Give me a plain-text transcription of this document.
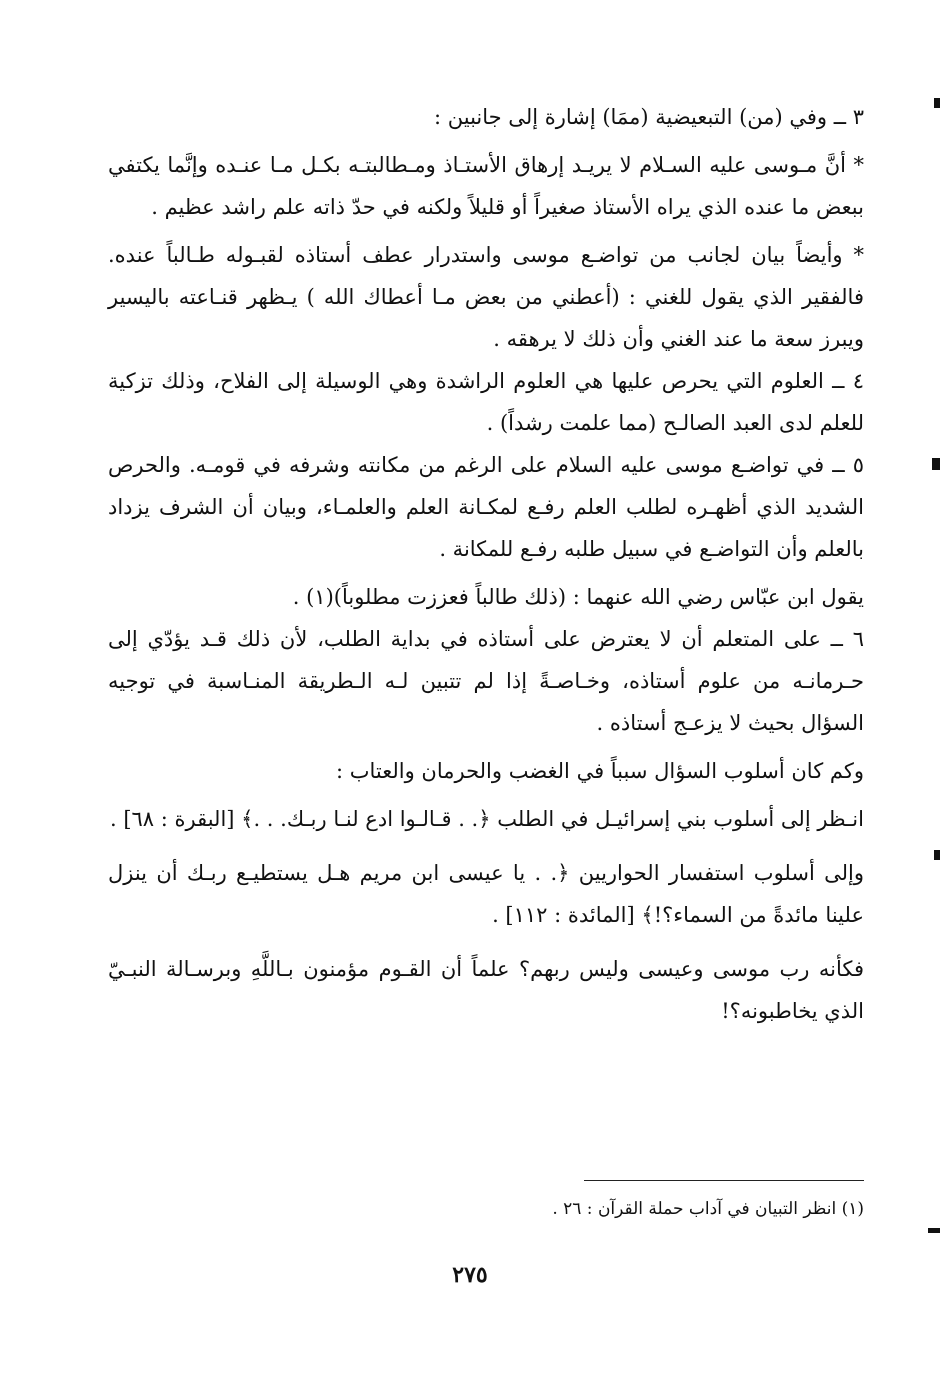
٣ ــ وفي (من) التبعيضية (ممَا) إشارة إلى جانبين :

* أنَّ مـوسى عليه السـلام لا يريـد إرهاق الأستـاذ ومـطالبتـه بكـل مـا عنـده وإنَّما يكتفي ببعض ما عنده الذي يراه الأستاذ صغيراً أو قليلاً ولكنه في حدّ ذاته علم راشد عظيم .

* وأيضاً بيان لجانب من تواضـع موسى واستدرار عطف أستاذه لقبـوله طـالباً عنده. فالفقير الذي يقول للغني : (أعطني من بعض مـا أعطاك الله ) يـظهر قنـاعته باليسير ويبرز سعة ما عند الغني وأن ذلك لا يرهقه .

٤ ــ العلوم التي يحرص عليها هي العلوم الراشدة وهي الوسيلة إلى الفلاح، وذلك تزكية للعلم لدى العبد الصالـح (مما علمت رشداً) .

٥ ــ في تواضـع موسى عليه السلام على الرغم من مكانته وشرفه في قومـه. والحرص الشديد الذي أظهـره لطلب العلم رفـع لمكـانة العلم والعلمـاء، وبيان أن الشرف يزداد بالعلم وأن التواضـع في سبيل طلبه رفـع للمكانة .

يقول ابن عبّاس رضي الله عنهما : (ذلك طالباً فعززت مطلوباً)(١) .

٦ ــ على المتعلم أن لا يعترض على أستاذه في بداية الطلب، لأن ذلك قـد يؤدّي إلى حـرمانـه من علوم أستاذه، وخـاصـةً إذا لم تتبين لـه الـطريقة المنـاسبة في توجيه السؤال بحيث لا يزعـج أستاذه .

وكم كان أسلوب السؤال سبباً في الغضب والحرمان والعتاب :

انـظر إلى أسلوب بني إسرائيـل في الطلب ﴿. . قـالـوا ادع لنـا ربـك. . .﴾ [البقرة : ٦٨] .

وإلى أسلوب استفسار الحواريين ﴿. . يا عيسى ابن مريم هـل يستطيـع ربـك أن ينزل علينا مائدةً من السماء؟!﴾ [المائدة : ١١٢] .

فكأنه رب موسى وعيسى وليس ربهم؟ علماً أن القـوم مؤمنون بـاللَّهِ وبرسـالة النبـيّ الذي يخاطبونه؟!

(١) انظر التبيان في آداب حملة القرآن : ٢٦ .
٢٧٥
